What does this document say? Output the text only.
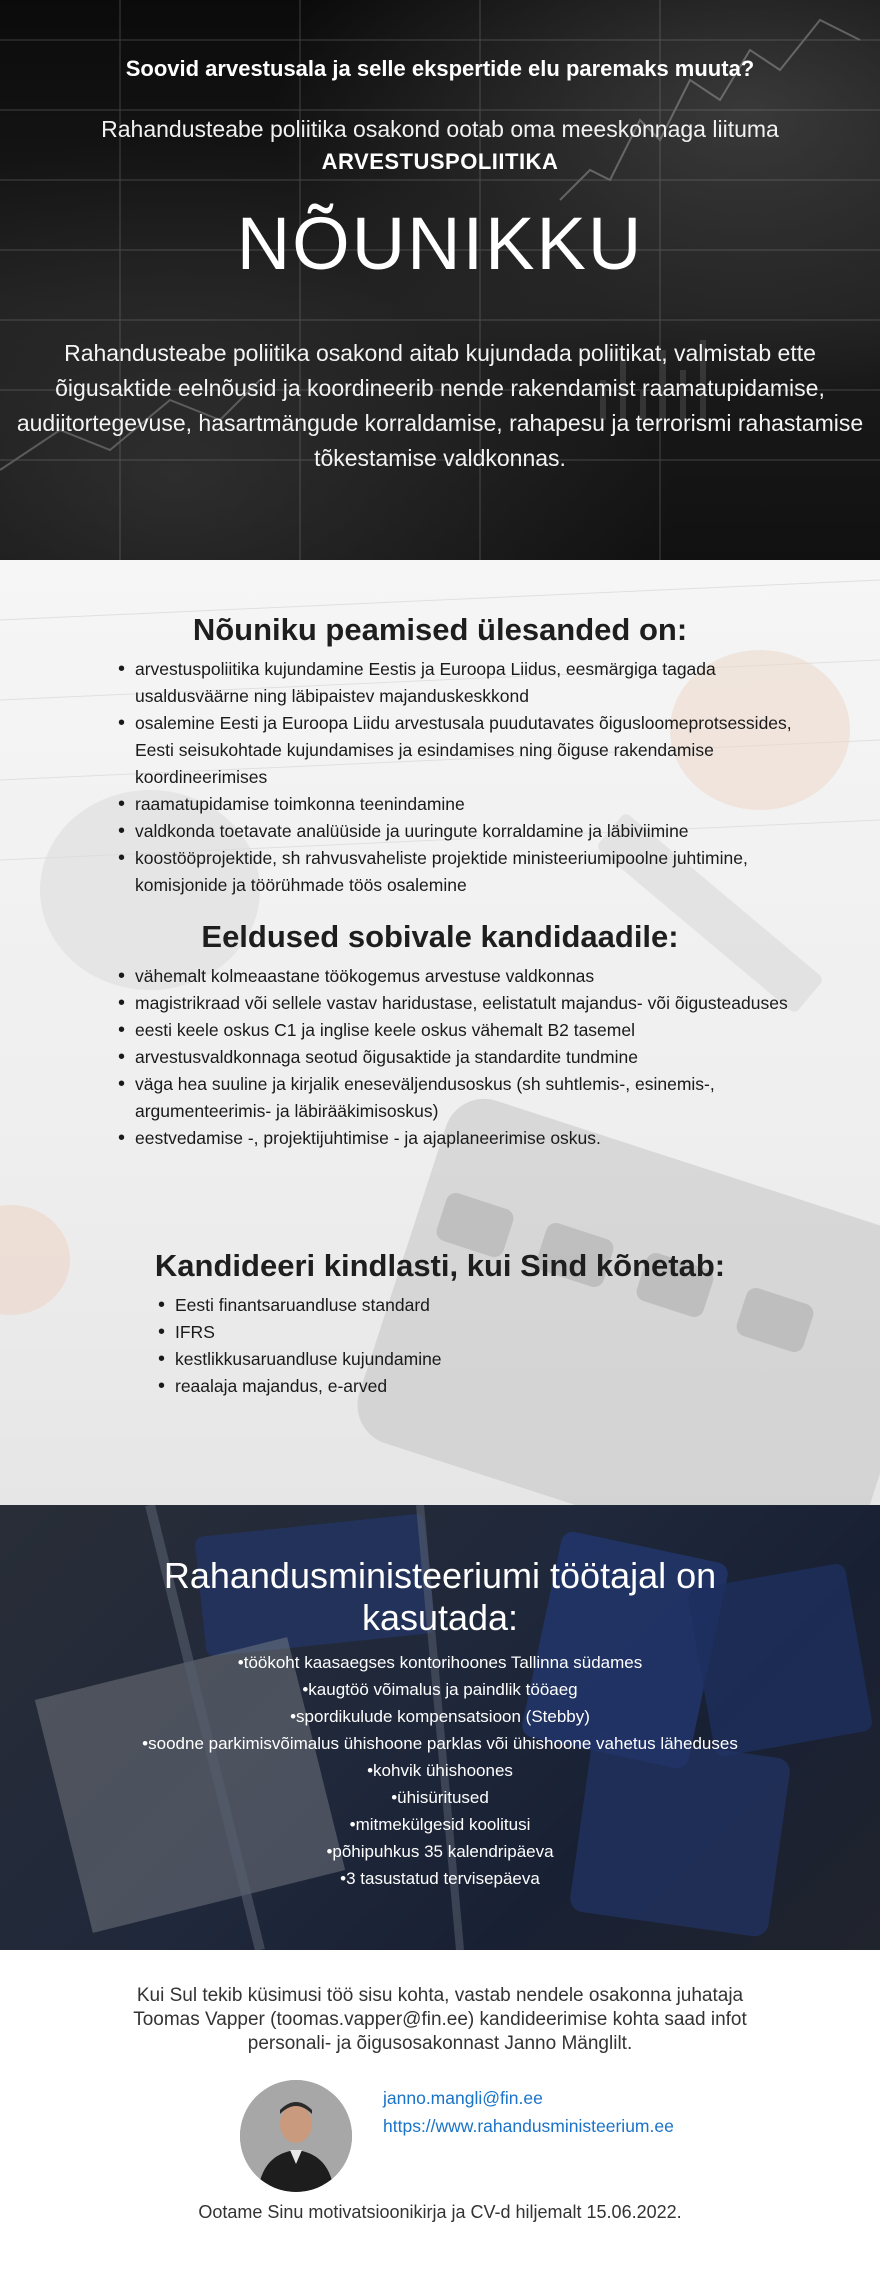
Soovid arvestusala ja selle ekspertide elu paremaks muuta?

Rahandusteabe poliitika osakond ootab oma meeskonnaga liituma

ARVESTUSPOLIITIKA

NÕUNIKKU

Rahandusteabe poliitika osakond aitab kujundada poliitikat, valmistab ette õigusaktide eelnõusid ja koordineerib nende rakendamist raamatupidamise, audiitortegevuse, hasartmängude korraldamise, rahapesu ja terrorismi rahastamise tõkestamise valdkonnas.

Nõuniku peamised ülesanded on:
• arvestuspoliitika kujundamine Eestis ja Euroopa Liidus, eesmärgiga tagada usaldusväärne ning läbipaistev majanduskeskkond
• osalemine Eesti ja Euroopa Liidu arvestusala puudutavates õigusloomeprotsessides, Eesti seisukohtade kujundamises ja esindamises ning õiguse rakendamise koordineerimises
• raamatupidamise toimkonna teenindamine
• valdkonda toetavate analüüside ja uuringute korraldamine ja läbiviimine
• koostööprojektide, sh rahvusvaheliste projektide ministeeriumipoolne juhtimine, komisjonide ja töörühmade töös osalemine
Eeldused sobivale kandidaadile:
• vähemalt kolmeaastane töökogemus arvestuse valdkonnas
• magistrikraad või sellele vastav haridustase, eelistatult majandus- või õigusteaduses
• eesti keele oskus C1 ja inglise keele oskus vähemalt B2 tasemel
• arvestusvaldkonnaga seotud õigusaktide ja standardite tundmine
• väga hea suuline ja kirjalik eneseväljendusoskus (sh suhtlemis-, esinemis-, argumenteerimis- ja läbirääkimisoskus)
• eestvedamise -, projektijuhtimise - ja ajaplaneerimise oskus.
Kandideeri kindlasti, kui Sind kõnetab:
• Eesti finantsaruandluse standard
• IFRS
• kestlikkusaruandluse kujundamine
• reaalaja majandus, e-arved
Rahandusministeeriumi töötajal on kasutada:
• töökoht kaasaegses kontorihoones Tallinna südames
• kaugtöö võimalus ja paindlik tööaeg
• spordikulude kompensatsioon (Stebby)
• soodne parkimisvõimalus ühishoone parklas või ühishoone vahetus läheduses
• kohvik ühishoones
• ühisüritused
• mitmekülgesid koolitusi
• põhipuhkus 35 kalendripäeva
• 3 tasustatud tervisepäeva

Kui Sul tekib küsimusi töö sisu kohta, vastab nendele osakonna juhataja Toomas Vapper (toomas.vapper@fin.ee) kandideerimise kohta saad infot personali- ja õigusosakonnast Janno Mänglilt.

janno.mangli@fin.ee
https://www.rahandusministeerium.ee

Ootame Sinu motivatsioonikirja ja CV-d hiljemalt 15.06.2022.
